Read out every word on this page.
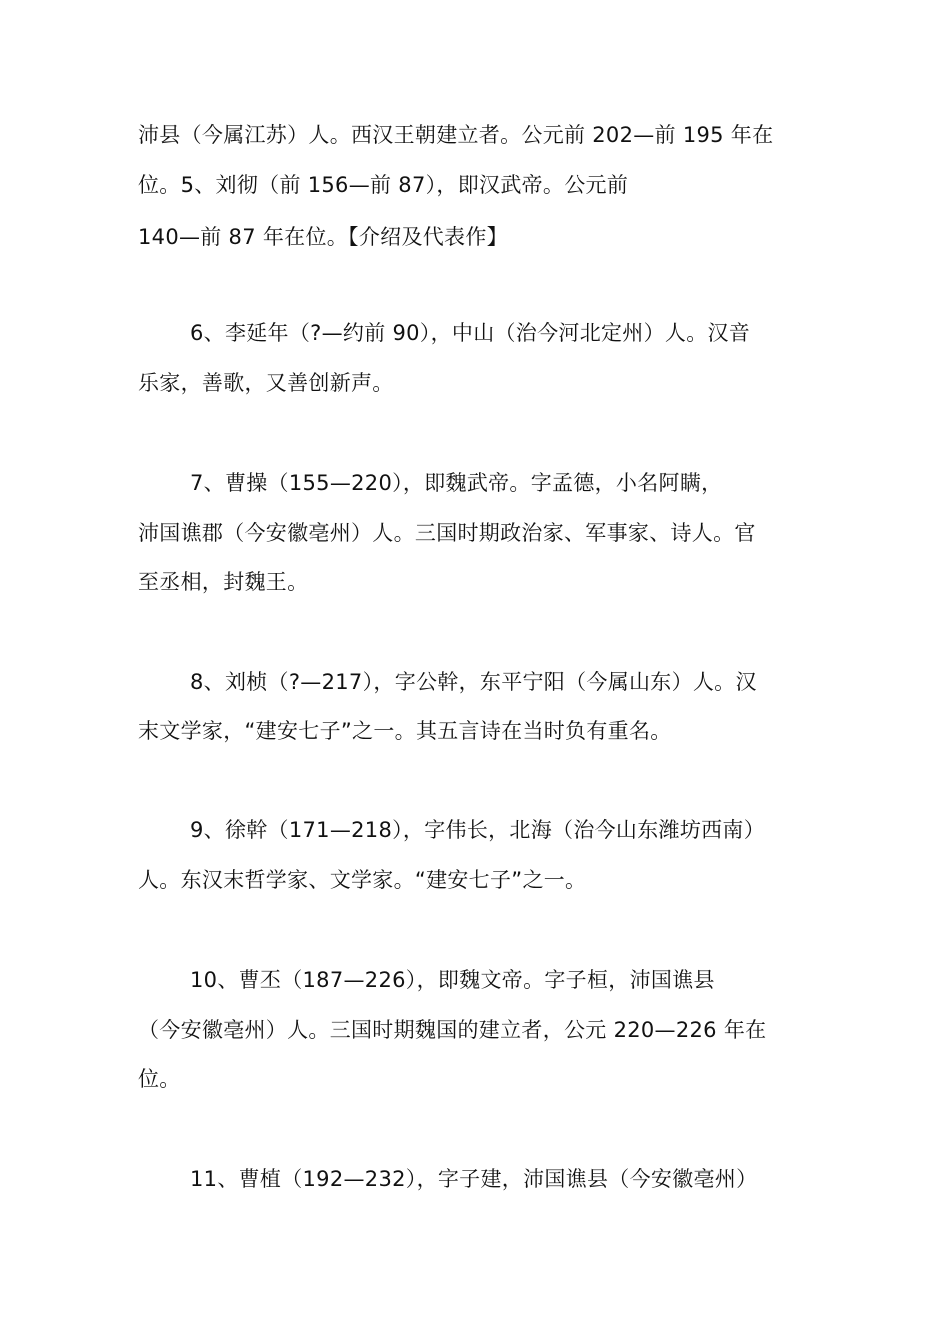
沛县（今属江苏）人。西汉王朝建立者。公元前 202—前 195 年在
位。5、刘彻（前 156—前 87），即汉武帝。公元前
140—前 87 年在位。【介绍及代表作】
6、李延年（?—约前 90），中山（治今河北定州）人。汉音
乐家，善歌，又善创新声。
7、曹操（155—220），即魏武帝。字孟德，小名阿瞒，
沛国谯郡（今安徽亳州）人。三国时期政治家、军事家、诗人。官
至丞相，封魏王。
8、刘桢（?—217），字公幹，东平宁阳（今属山东）人。汉
末文学家，“建安七子”之一。其五言诗在当时负有重名。
9、徐幹（171—218），字伟长，北海（治今山东潍坊西南）
人。东汉末哲学家、文学家。“建安七子”之一。
10、曹丕（187—226），即魏文帝。字子桓，沛国谯县
（今安徽亳州）人。三国时期魏国的建立者，公元 220—226 年在
位。
11、曹植（192—232），字子建，沛国谯县（今安徽亳州）
